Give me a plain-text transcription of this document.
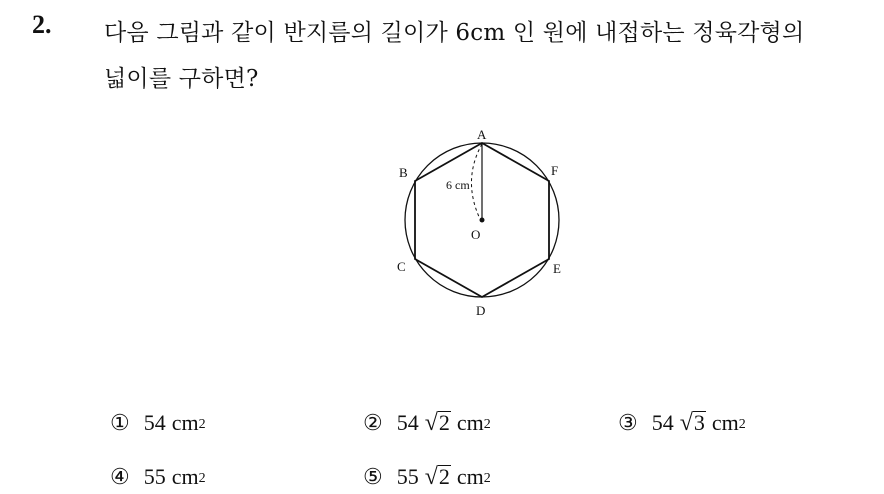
2. 다음 그림과 같이 반지름의 길이가 6cm 인 원에 내접하는 정육각형의
넓이를 구하면?
A
B
C
D
E
F
O
6 cm
① 54 $cm^2$	② 54 √ 2 $cm^2$	③ 54 √ 3 $cm^2$
④ 55 $cm^2$	⑤ 55 √ 2 $cm^2$
